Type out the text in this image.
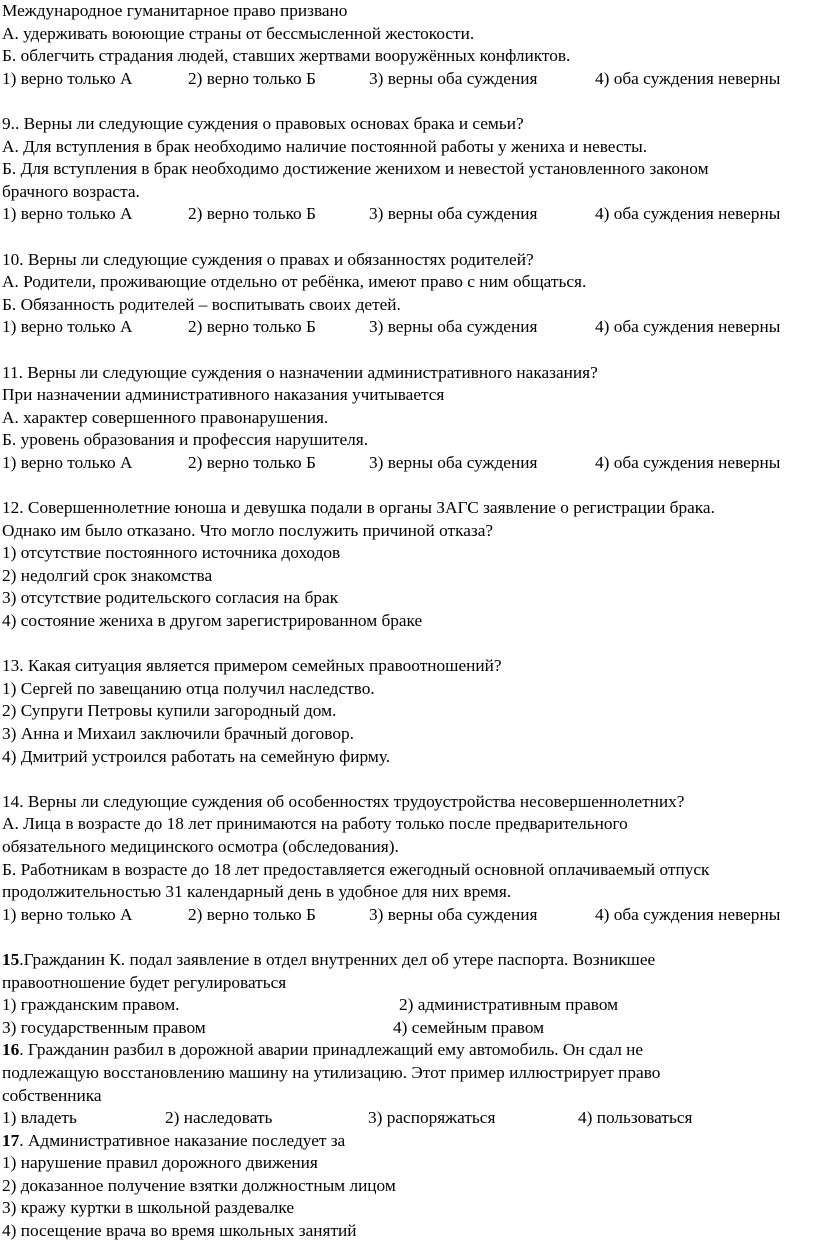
Международное гуманитарное право призвано
А. удерживать воюющие страны от бессмысленной жестокости.
Б. облегчить страдания людей, ставших жертвами вооружённых конфликтов.
1) верно только А	2) верно только Б	3) верны оба суждения	4) оба суждения неверны
9.. Верны ли следующие суждения о правовых основах брака и семьи?
А. Для вступления в брак необходимо наличие постоянной работы у жениха и невесты.
Б. Для вступления в брак необходимо достижение женихом и невестой установленного законом
брачного возраста.
1) верно только А	2) верно только Б	3) верны оба суждения	4) оба суждения неверны
10. Верны ли следующие суждения о правах и обязанностях родителей?
А. Родители, проживающие отдельно от ребёнка, имеют право с ним общаться.
Б. Обязанность родителей – воспитывать своих детей.
1) верно только А	2) верно только Б	3) верны оба суждения	4) оба суждения неверны
11. Верны ли следующие суждения о назначении административного наказания?
При назначении административного наказания учитывается
А. характер совершенного правонарушения.
Б. уровень образования и профессия нарушителя.
1) верно только А	2) верно только Б	3) верны оба суждения	4) оба суждения неверны
12. Совершеннолетние юноша и девушка подали в органы ЗАГС заявление о регистрации брака.
Однако им было отказано. Что могло послужить причиной отказа?
1) отсутствие постоянного источника доходов
2) недолгий срок знакомства
3) отсутствие родительского согласия на брак
4) состояние жениха в другом зарегистрированном браке
13. Какая ситуация является примером семейных правоотношений?
1) Сергей по завещанию отца получил наследство.
2) Супруги Петровы купили загородный дом.
3) Анна и Михаил заключили брачный договор.
4) Дмитрий устроился работать на семейную фирму.
14. Верны ли следующие суждения об особенностях трудоустройства несовершеннолетних?
А. Лица в возрасте до 18 лет принимаются на работу только после предварительного
обязательного медицинского осмотра (обследования).
Б. Работникам в возрасте до 18 лет предоставляется ежегодный основной оплачиваемый отпуск
продолжительностью 31 календарный день в удобное для них время.
1) верно только А	2) верно только Б	3) верны оба суждения	4) оба суждения неверны
15.Гражданин К. подал заявление в отдел внутренних дел об утере паспорта. Возникшее
правоотношение будет регулироваться
1) гражданским правом.	2) административным правом
3) государственным правом	4) семейным правом
16. Гражданин разбил в дорожной аварии принадлежащий ему автомобиль. Он сдал не
подлежащую восстановлению машину на утилизацию. Этот пример иллюстрирует право
собственника
1) владеть	2) наследовать	3) распоряжаться	4) пользоваться
17. Административное наказание последует за
1) нарушение правил дорожного движения
2) доказанное получение взятки должностным лицом
3) кражу куртки в школьной раздевалке
4) посещение врача во время школьных занятий
